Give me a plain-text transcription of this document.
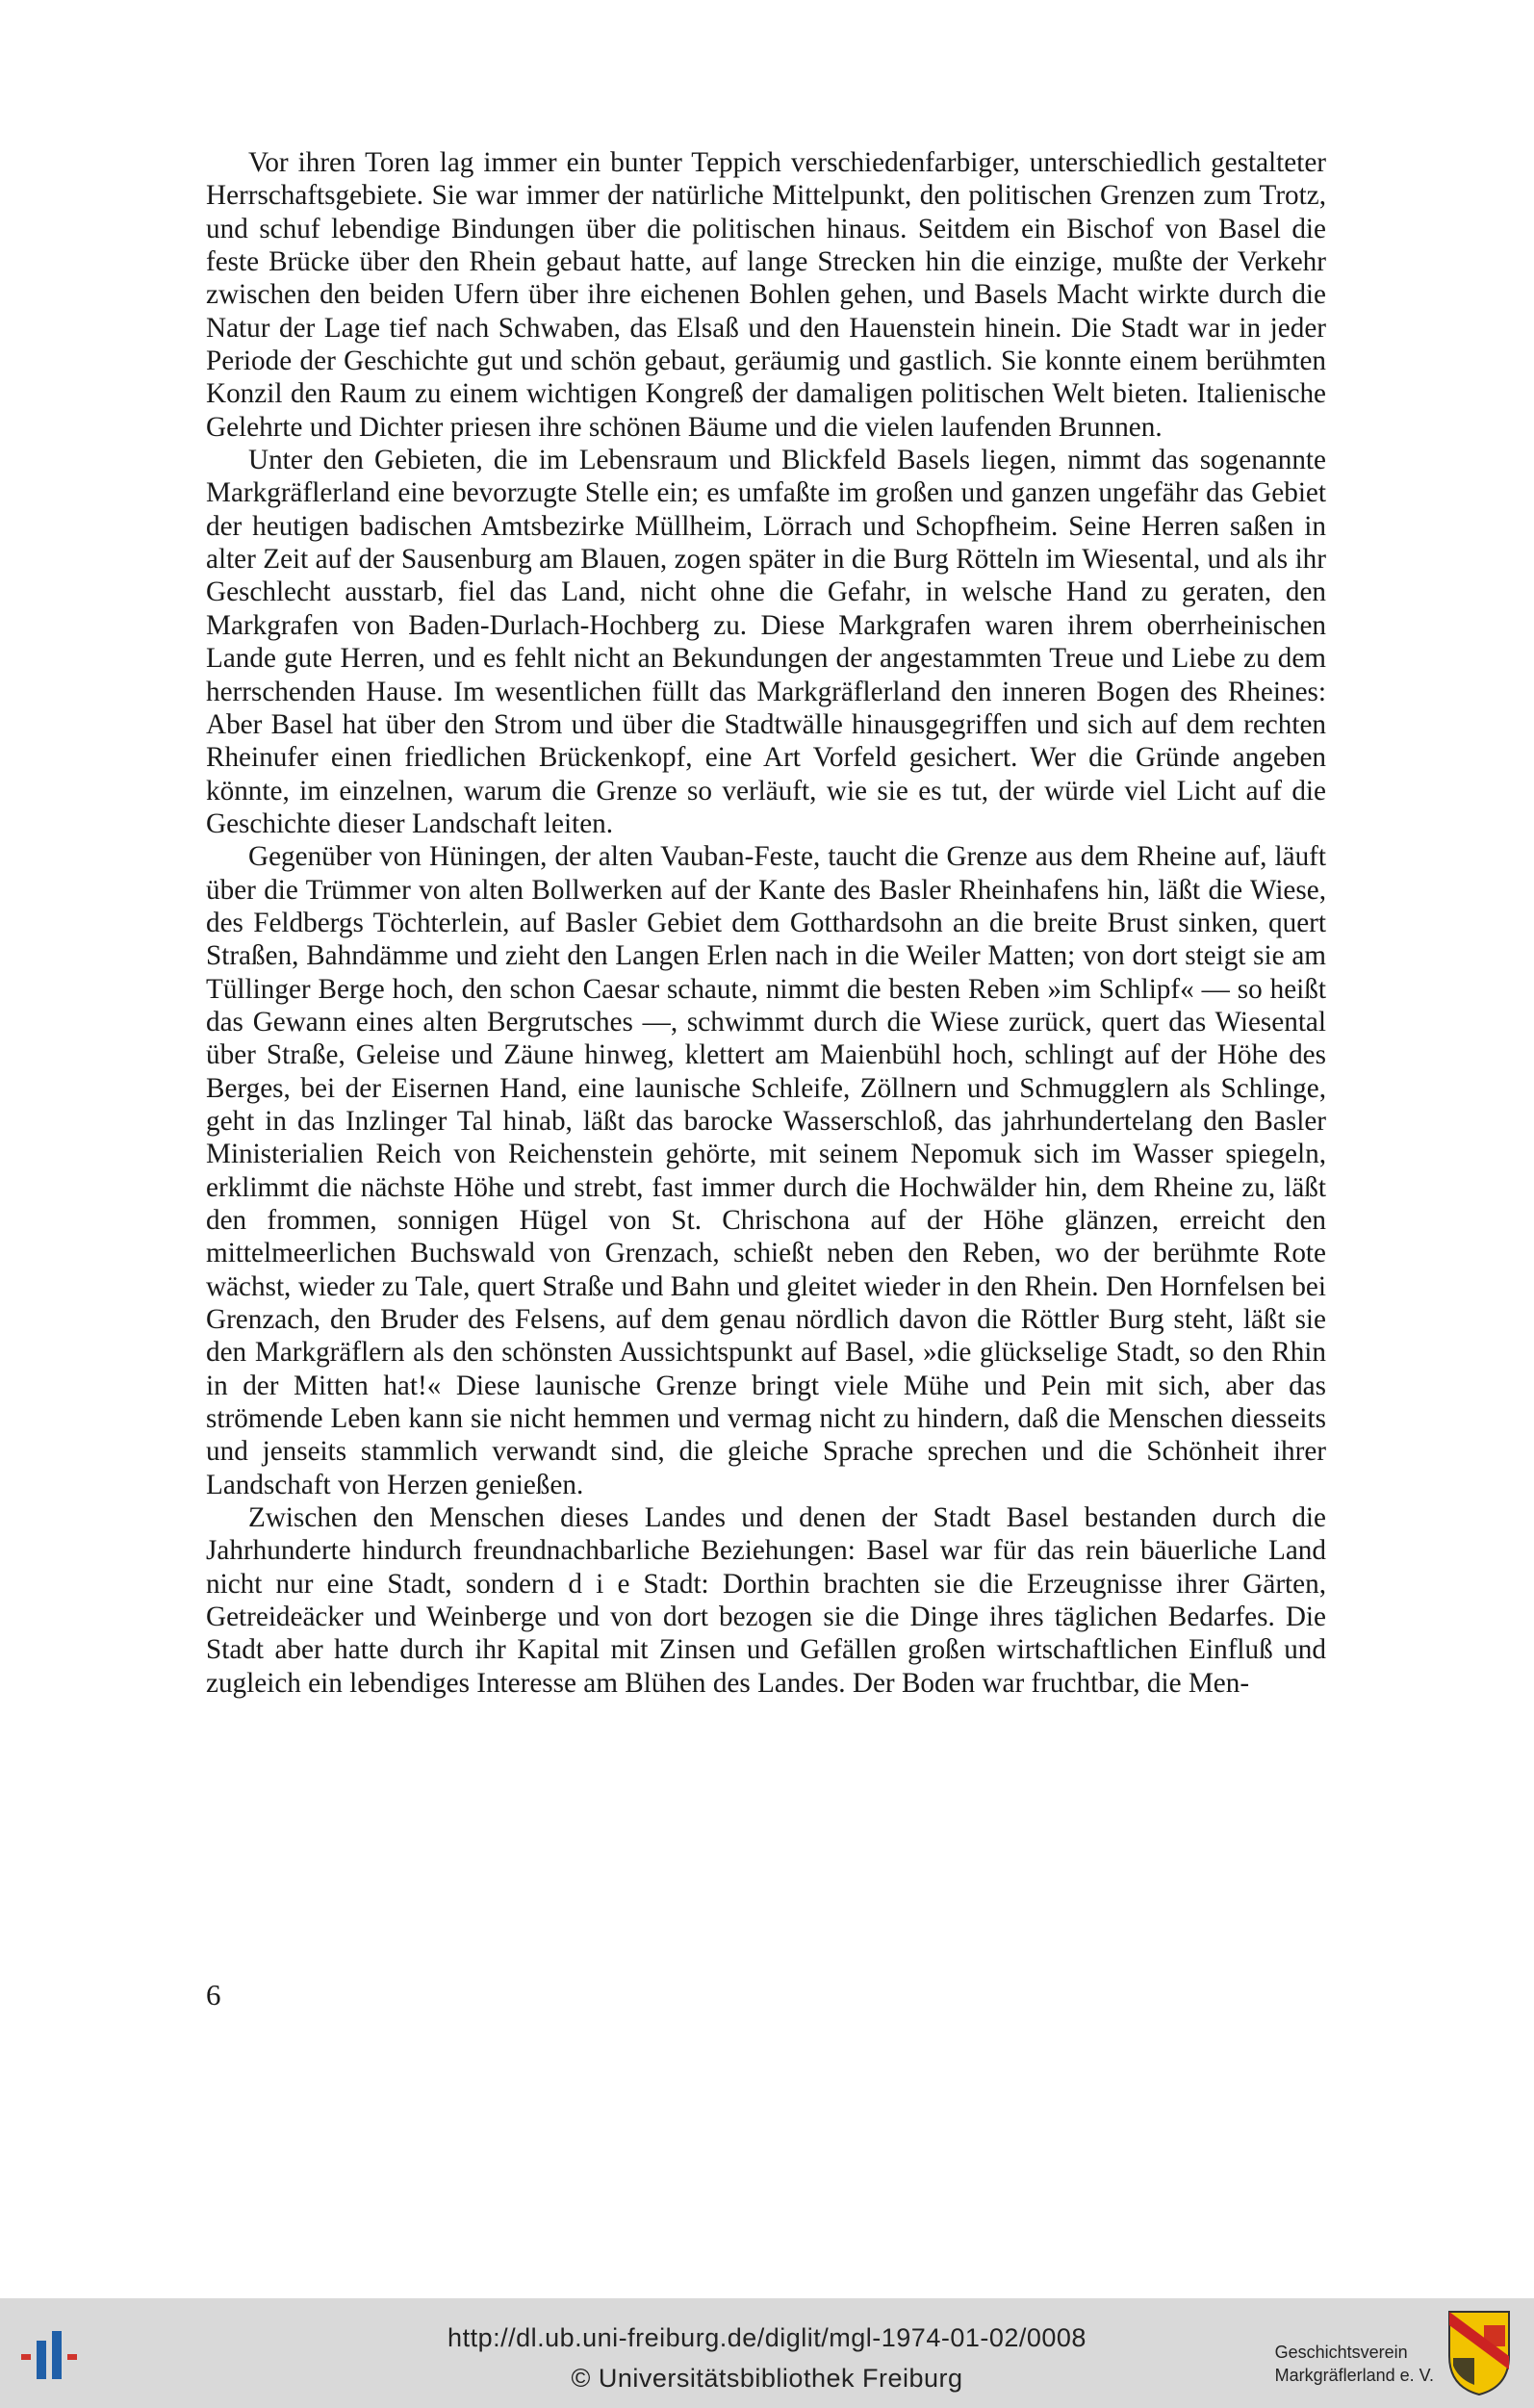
Vor ihren Toren lag immer ein bunter Teppich verschiedenfarbiger, unterschiedlich gestalteter Herrschaftsgebiete. Sie war immer der natürliche Mittelpunkt, den politischen Grenzen zum Trotz, und schuf lebendige Bindungen über die politischen hinaus. Seitdem ein Bischof von Basel die feste Brücke über den Rhein gebaut hatte, auf lange Strecken hin die einzige, mußte der Verkehr zwischen den beiden Ufern über ihre eichenen Bohlen gehen, und Basels Macht wirkte durch die Natur der Lage tief nach Schwaben, das Elsaß und den Hauenstein hinein. Die Stadt war in jeder Periode der Geschichte gut und schön gebaut, geräumig und gastlich. Sie konnte einem berühmten Konzil den Raum zu einem wichtigen Kongreß der damaligen politischen Welt bieten. Italienische Gelehrte und Dichter priesen ihre schönen Bäume und die vielen laufenden Brunnen.

Unter den Gebieten, die im Lebensraum und Blickfeld Basels liegen, nimmt das sogenannte Markgräflerland eine bevorzugte Stelle ein; es umfaßte im großen und ganzen ungefähr das Gebiet der heutigen badischen Amtsbezirke Müllheim, Lörrach und Schopfheim. Seine Herren saßen in alter Zeit auf der Sausenburg am Blauen, zogen später in die Burg Rötteln im Wiesental, und als ihr Geschlecht ausstarb, fiel das Land, nicht ohne die Gefahr, in welsche Hand zu geraten, den Markgrafen von Baden-Durlach-Hochberg zu. Diese Markgrafen waren ihrem oberrheinischen Lande gute Herren, und es fehlt nicht an Bekundungen der angestammten Treue und Liebe zu dem herrschenden Hause. Im wesentlichen füllt das Markgräflerland den inneren Bogen des Rheines: Aber Basel hat über den Strom und über die Stadtwälle hinausgegriffen und sich auf dem rechten Rheinufer einen friedlichen Brückenkopf, eine Art Vorfeld gesichert. Wer die Gründe angeben könnte, im einzelnen, warum die Grenze so verläuft, wie sie es tut, der würde viel Licht auf die Geschichte dieser Landschaft leiten.

Gegenüber von Hüningen, der alten Vauban-Feste, taucht die Grenze aus dem Rheine auf, läuft über die Trümmer von alten Bollwerken auf der Kante des Basler Rheinhafens hin, läßt die Wiese, des Feldbergs Töchterlein, auf Basler Gebiet dem Gotthardsohn an die breite Brust sinken, quert Straßen, Bahndämme und zieht den Langen Erlen nach in die Weiler Matten; von dort steigt sie am Tüllinger Berge hoch, den schon Caesar schaute, nimmt die besten Reben »im Schlipf« — so heißt das Gewann eines alten Bergrutsches —, schwimmt durch die Wiese zurück, quert das Wiesental über Straße, Geleise und Zäune hinweg, klettert am Maienbühl hoch, schlingt auf der Höhe des Berges, bei der Eisernen Hand, eine launische Schleife, Zöllnern und Schmugglern als Schlinge, geht in das Inzlinger Tal hinab, läßt das barocke Wasserschloß, das jahrhundertelang den Basler Ministerialien Reich von Reichenstein gehörte, mit seinem Nepomuk sich im Wasser spiegeln, erklimmt die nächste Höhe und strebt, fast immer durch die Hochwälder hin, dem Rheine zu, läßt den frommen, sonnigen Hügel von St. Chrischona auf der Höhe glänzen, erreicht den mittelmeerlichen Buchswald von Grenzach, schießt neben den Reben, wo der berühmte Rote wächst, wieder zu Tale, quert Straße und Bahn und gleitet wieder in den Rhein. Den Hornfelsen bei Grenzach, den Bruder des Felsens, auf dem genau nördlich davon die Röttler Burg steht, läßt sie den Markgräflern als den schönsten Aussichtspunkt auf Basel, »die glückselige Stadt, so den Rhin in der Mitten hat!« Diese launische Grenze bringt viele Mühe und Pein mit sich, aber das strömende Leben kann sie nicht hemmen und vermag nicht zu hindern, daß die Menschen diesseits und jenseits stammlich verwandt sind, die gleiche Sprache sprechen und die Schönheit ihrer Landschaft von Herzen genießen.

Zwischen den Menschen dieses Landes und denen der Stadt Basel bestanden durch die Jahrhunderte hindurch freundnachbarliche Beziehungen: Basel war für das rein bäuerliche Land nicht nur eine Stadt, sondern d i e Stadt: Dorthin brachten sie die Erzeugnisse ihrer Gärten, Getreideäcker und Weinberge und von dort bezogen sie die Dinge ihres täglichen Bedarfes. Die Stadt aber hatte durch ihr Kapital mit Zinsen und Gefällen großen wirtschaftlichen Einfluß und zugleich ein lebendiges Interesse am Blühen des Landes. Der Boden war fruchtbar, die Men-

6
http://dl.ub.uni-freiburg.de/diglit/mgl-1974-01-02/0008
© Universitätsbibliothek Freiburg
Geschichtsverein
Markgräflerland e. V.
